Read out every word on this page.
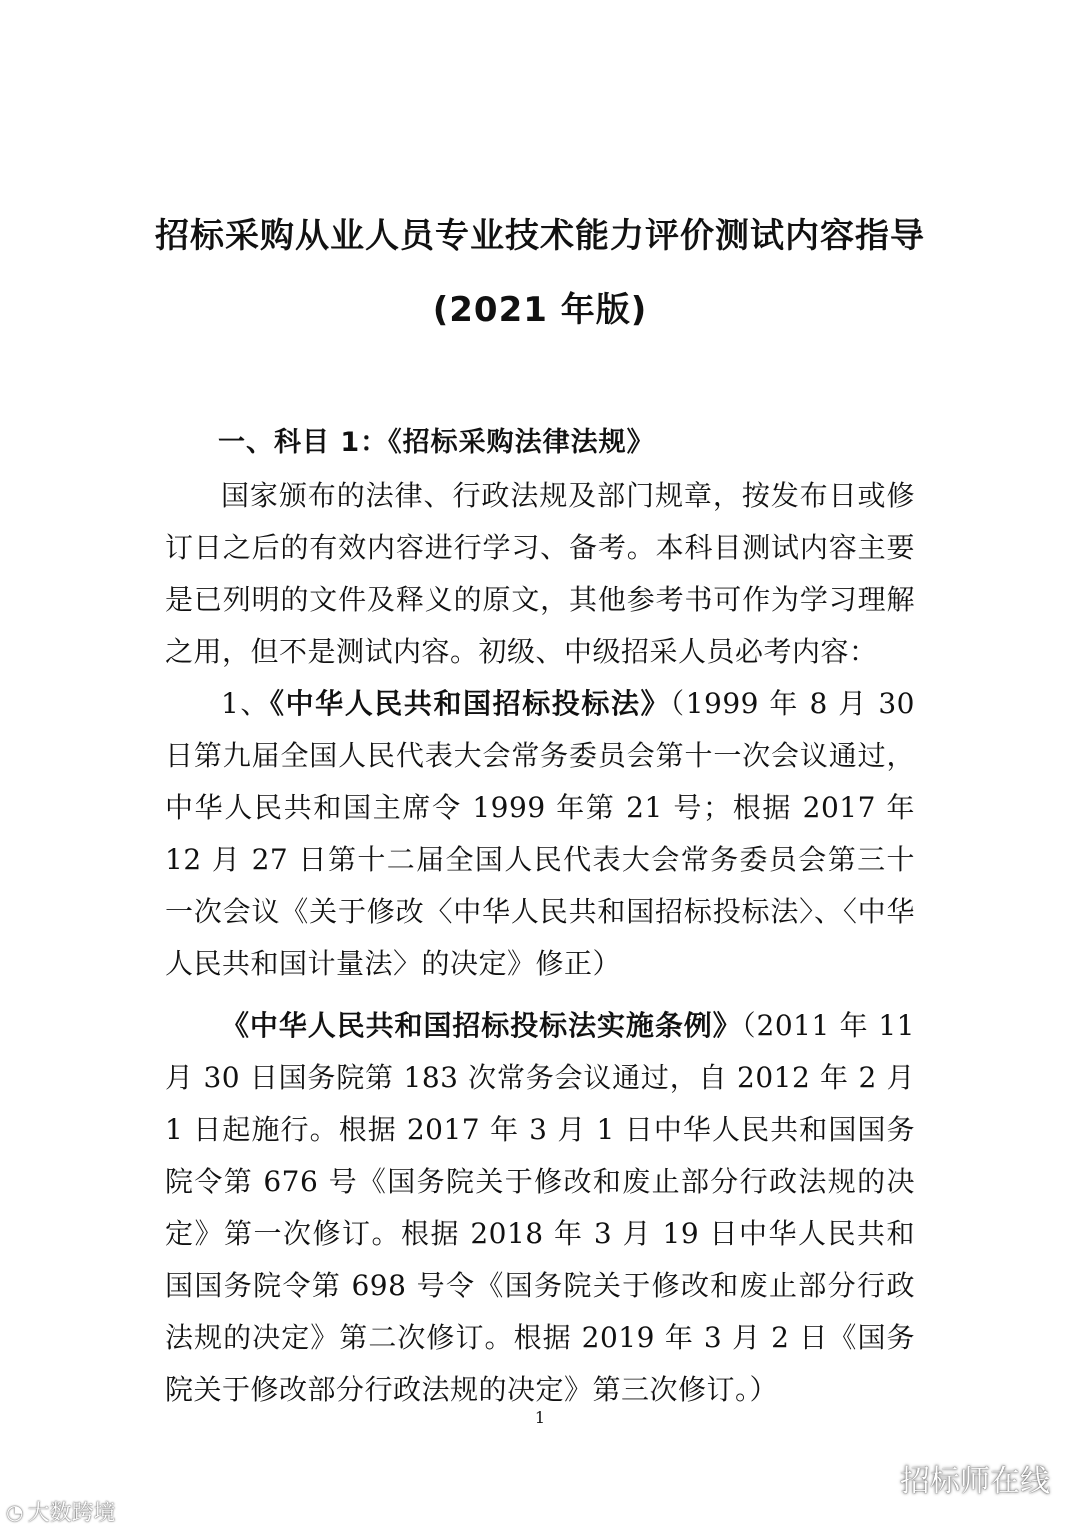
招标采购从业人员专业技术能力评价测试内容指导
(2021 年版)
一、科目 1：《招标采购法律法规》

国家颁布的法律、行政法规及部门规章，按发布日或修订日之后的有效内容进行学习、备考。本科目测试内容主要是已列明的文件及释义的原文，其他参考书可作为学习理解之用，但不是测试内容。初级、中级招采人员必考内容：

1、《中华人民共和国招标投标法》（1999 年 8 月 30 日第九届全国人民代表大会常务委员会第十一次会议通过，中华人民共和国主席令 1999 年第 21 号；根据 2017 年 12 月 27 日第十二届全国人民代表大会常务委员会第三十一次会议《关于修改〈中华人民共和国招标投标法〉、〈中华人民共和国计量法〉的决定》修正）

《中华人民共和国招标投标法实施条例》（2011 年 11 月 30 日国务院第 183 次常务会议通过，自 2012 年 2 月 1 日起施行。根据 2017 年 3 月 1 日中华人民共和国国务院令第 676 号《国务院关于修改和废止部分行政法规的决定》第一次修订。根据 2018 年 3 月 19 日中华人民共和国国务院令第 698 号令《国务院关于修改和废止部分行政法规的决定》第二次修订。根据 2019 年 3 月 2 日《国务院关于修改部分行政法规的决定》第三次修订。）

1
◔ 大数跨境
招标师在线
